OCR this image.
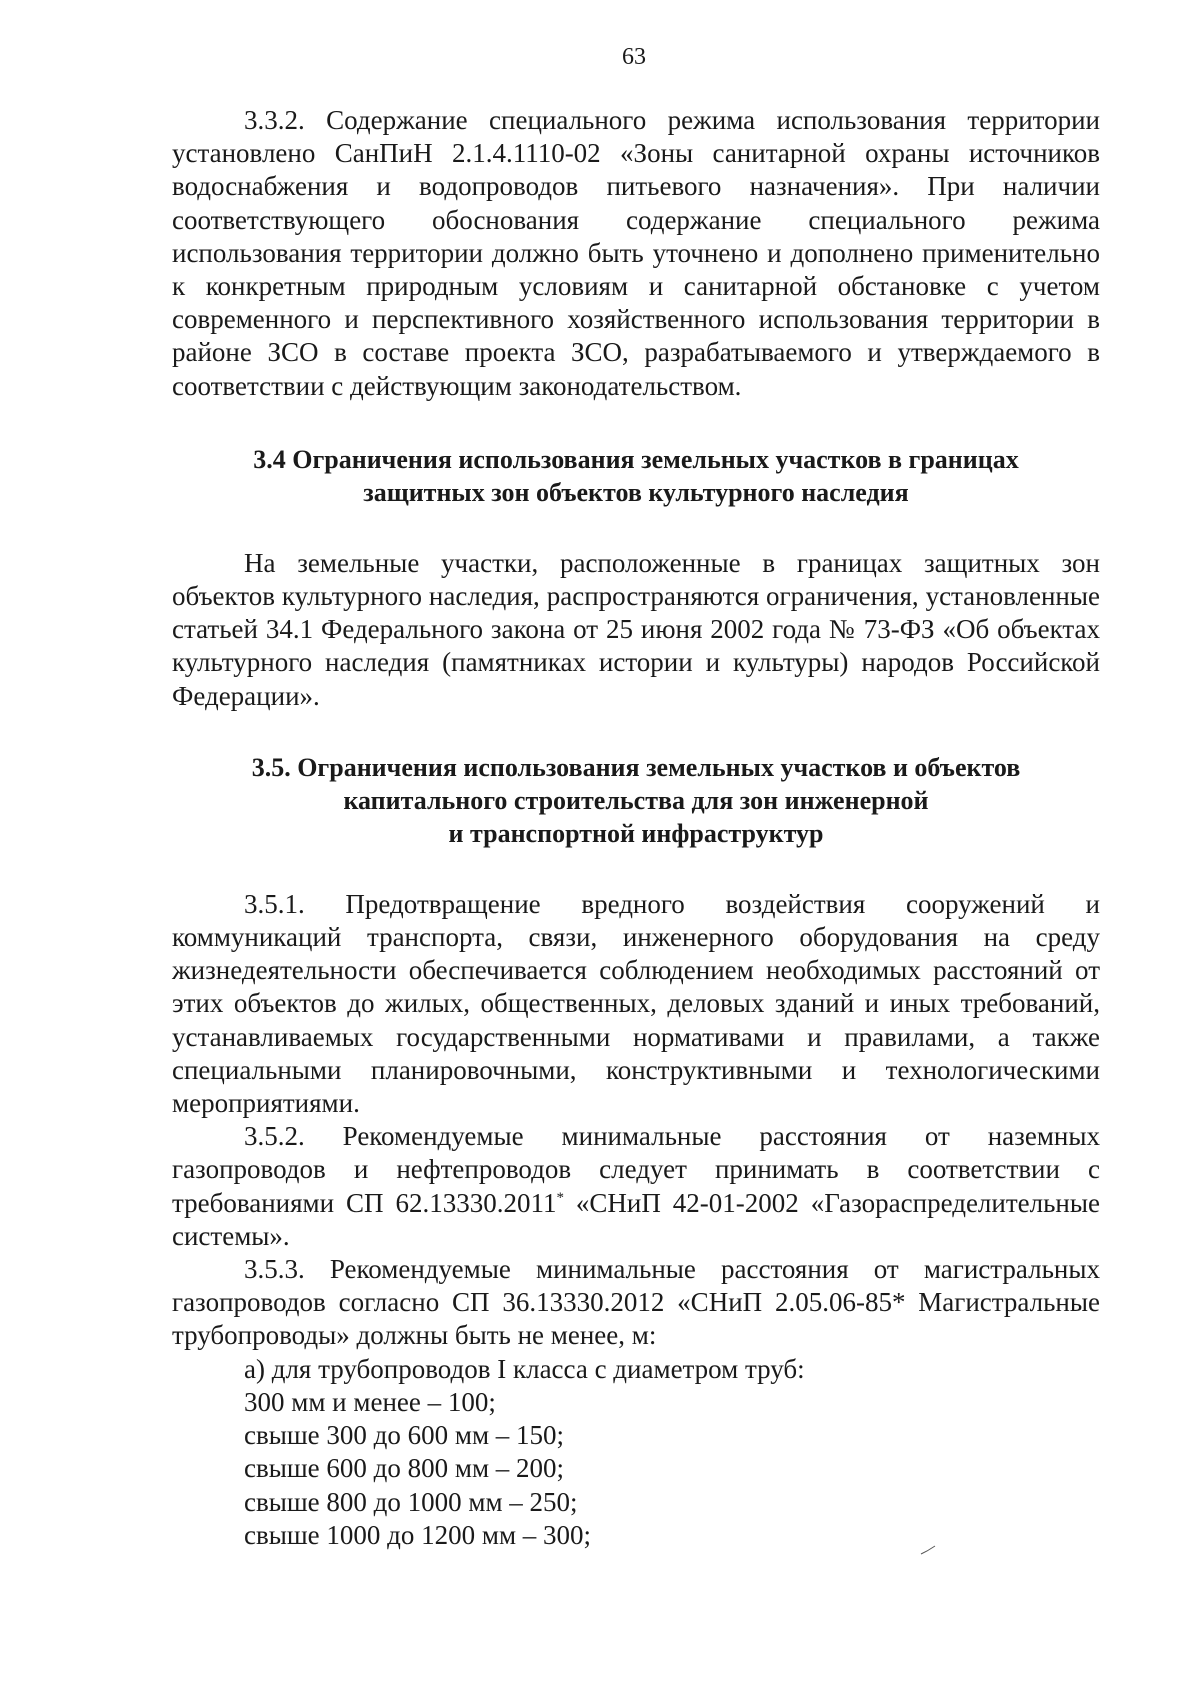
63

3.3.2. Содержание специального режима использования территории установлено СанПиН 2.1.4.1110-02 «Зоны санитарной охраны источников водоснабжения и водопроводов питьевого назначения». При наличии соответствующего обоснования содержание специального режима использования территории должно быть уточнено и дополнено применительно к конкретным природным условиям и санитарной обстановке с учетом современного и перспективного хозяйственного использования территории в районе ЗСО в составе проекта ЗСО, разрабатываемого и утверждаемого в соответствии с действующим законодательством.

3.4 Ограничения использования земельных участков в границах
защитных зон объектов культурного наследия

На земельные участки, расположенные в границах защитных зон объектов культурного наследия, распространяются ограничения, установленные статьей 34.1 Федерального закона от 25 июня 2002 года № 73-ФЗ «Об объектах культурного наследия (памятниках истории и культуры) народов Российской Федерации».

3.5. Ограничения использования земельных участков и объектов
капитального строительства для зон инженерной
и транспортной инфраструктур

3.5.1. Предотвращение вредного воздействия сооружений и коммуникаций транспорта, связи, инженерного оборудования на среду жизнедеятельности обеспечивается соблюдением необходимых расстояний от этих объектов до жилых, общественных, деловых зданий и иных требований, устанавливаемых государственными нормативами и правилами, а также специальными планировочными, конструктивными и технологическими мероприятиями.

3.5.2. Рекомендуемые минимальные расстояния от наземных газопроводов и нефтепроводов следует принимать в соответствии с требованиями СП 62.13330.2011* «СНиП 42-01-2002 «Газораспределительные системы».

3.5.3. Рекомендуемые минимальные расстояния от магистральных газопроводов согласно СП 36.13330.2012 «СНиП 2.05.06-85* Магистральные трубопроводы» должны быть не менее, м:

а) для трубопроводов I класса с диаметром труб:
300 мм и менее – 100;
свыше 300 до 600 мм – 150;
свыше 600 до 800 мм – 200;
свыше 800 до 1000 мм – 250;
свыше 1000 до 1200 мм – 300;
